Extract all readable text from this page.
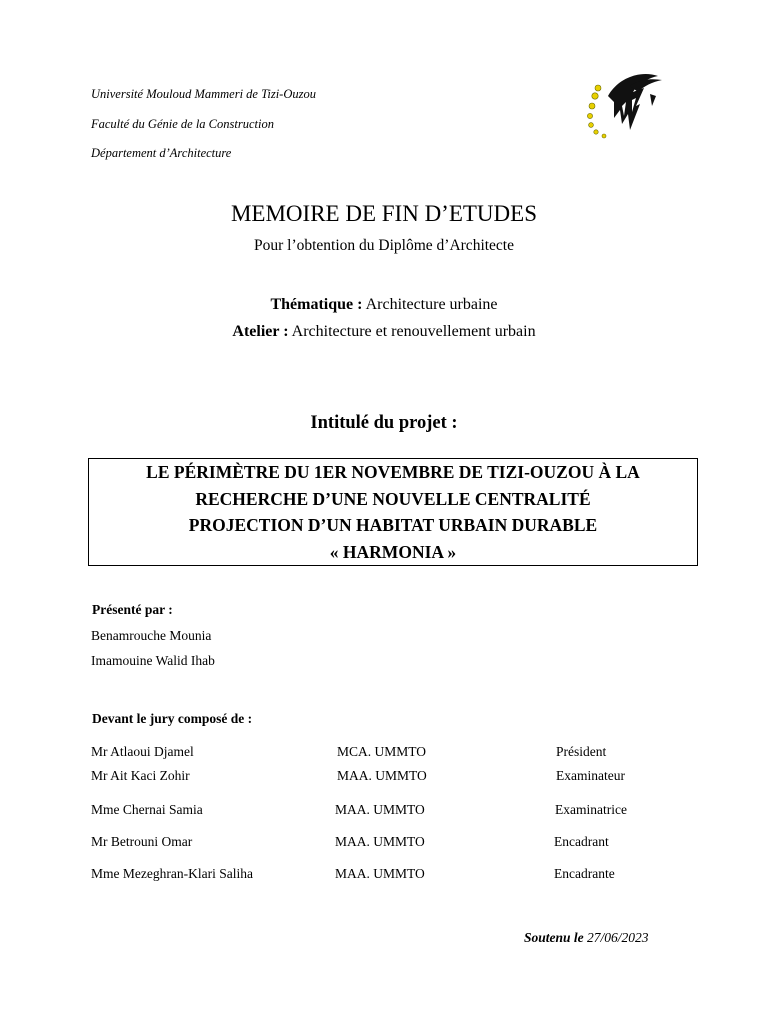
Université Mouloud Mammeri de Tizi-Ouzou
Faculté du Génie de la Construction
Département d’Architecture
MEMOIRE DE FIN D’ETUDES
Pour l’obtention du Diplôme d’Architecte
Thématique : Architecture urbaine
Atelier : Architecture et renouvellement urbain
Intitulé du projet :
LE PÉRIMÈTRE DU 1ER NOVEMBRE DE TIZI-OUZOU À LA
RECHERCHE D’UNE NOUVELLE CENTRALITÉ
PROJECTION D’UN HABITAT URBAIN DURABLE
« HARMONIA »
Présenté par :
Benamrouche Mounia
Imamouine Walid Ihab
Devant le jury composé de :
Mr Atlaoui Djamel	MCA. UMMTO	Président
Mr Ait Kaci Zohir	MAA. UMMTO	Examinateur
Mme Chernai Samia	MAA. UMMTO	Examinatrice
Mr Betrouni Omar	MAA. UMMTO	Encadrant
Mme Mezeghran-Klari Saliha	MAA. UMMTO	Encadrante
Soutenu le 27/06/2023
